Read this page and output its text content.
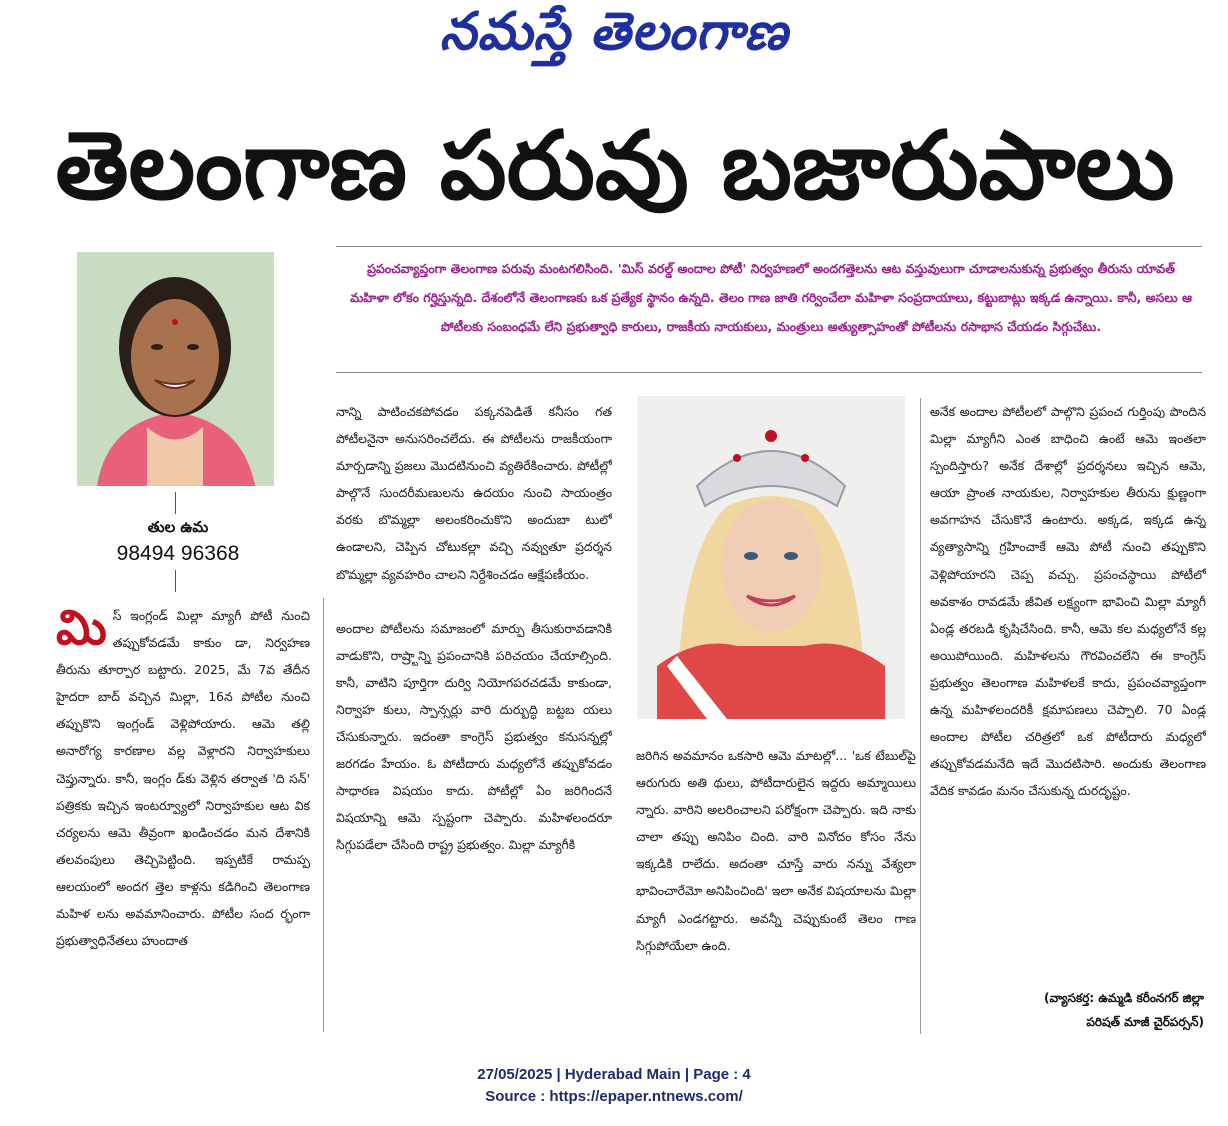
నమస్తే తెలంగాణ
తెలంగాణ పరువు బజారుపాలు
ప్రపంచవ్యాప్తంగా తెలంగాణ పరువు మంటగలిసింది. 'మిస్ వరల్డ్ అందాల పోటీ' నిర్వహణలో అందగత్తెలను ఆట వస్తువులుగా చూడాలనుకున్న ప్రభుత్వం తీరును యావత్ మహిళా లోకం గర్హిస్తున్నది. దేశంలోనే తెలంగాణకు ఒక ప్రత్యేక స్థానం ఉన్నది. తెలం గాణ జాతి గర్వించేలా మహిళా సంప్రదాయాలు, కట్టుబాట్లు ఇక్కడ ఉన్నాయి. కానీ, అసలు ఆ పోటీలకు సంబంధమే లేని ప్రభుత్వాధి కారులు, రాజకీయ నాయకులు, మంత్రులు అత్యుత్సాహంతో పోటీలను రసాభాస చేయడం సిగ్గుచేటు.
తుల ఉమ
98494 96368
మిస్ ఇంగ్లండ్ మిల్లా మ్యాగీ పోటీ నుంచి తప్పుకోవడమే కాకుం డా, నిర్వహణ తీరును తూర్పార బట్టారు. 2025, మే 7వ తేదీన హైదరా బాద్ వచ్చిన మిల్లా, 16న పోటీల నుంచి తప్పుకొని ఇంగ్లండ్ వెళ్లిపోయారు. ఆమె తల్లి అనారోగ్య కారణాల వల్ల వెళ్లారని నిర్వాహకులు చెప్తున్నారు. కానీ, ఇంగ్లం డ్‌కు వెళ్లిన తర్వాత 'ది సన్' పత్రికకు ఇచ్చిన ఇంటర్వ్యూలో నిర్వాహకుల ఆట విక చర్యలను ఆమె తీవ్రంగా ఖండించడం మన దేశానికి తలవంపులు తెచ్చిపెట్టింది. ఇప్పటికే రామప్ప ఆలయంలో అందగ త్తెల కాళ్లను కడిగించి తెలంగాణ మహిళ లను అవమానించారు. పోటీల సంద ర్భంగా ప్రభుత్వాధినేతలు హుందాత

నాన్ని పాటించకపోవడం పక్కనపెడితే కనీసం గత పోటీలనైనా అనుసరించలేదు. ఈ పోటీలను రాజకీయంగా మార్చడాన్ని ప్రజలు మొదటినుంచి వ్యతిరేకించారు. పోటీల్లో పాల్గొనే సుందరీమణులను ఉదయం నుంచి సాయంత్రం వరకు బొమ్మల్లా అలంకరించుకొని అందుబా టులో ఉండాలని, చెప్పిన చోటుకల్లా వచ్చి నవ్వుతూ ప్రదర్శన బొమ్మల్లా వ్యవహరిం చాలని నిర్దేశించడం ఆక్షేపణీయం.

అందాల పోటీలను సమాజంలో మార్పు తీసుకురావడానికి వాడుకొని, రాష్ర్టాన్ని ప్రపంచానికి పరిచయం చేయాల్సింది. కానీ, వాటిని పూర్తిగా దుర్వి నియోగపరచడమే కాకుండా, నిర్వాహ కులు, స్పాన్సర్లు వారి దుర్బుద్ధి బట్టబ యలు చేసుకున్నారు. ఇదంతా కాంగ్రెస్ ప్రభుత్వం కనుసన్నల్లో జరగడం హేయం. ఓ పోటీదారు మధ్యలోనే తప్పుకోవడం సాధారణ విషయం కాదు. పోటీల్లో ఏం జరిగిందనే విషయాన్ని ఆమె స్పష్టంగా చెప్పారు. మహిళలందరూ సిగ్గుపడేలా చేసింది రాష్ట్ర ప్రభుత్వం. మిల్లా మ్యాగీకి

జరిగిన అవమానం ఒకసారి ఆమె మాటల్లో... 'ఒక టేబుల్‌పై ఆరుగురు అతి థులు, పోటీదారులైన ఇద్దరు అమ్మాయిలు న్నారు. వారిని అలరించాలని పరోక్షంగా చెప్పారు. ఇది నాకు చాలా తప్పు అనిపిం చింది. వారి వినోదం కోసం నేను ఇక్కడికి రాలేదు. అదంతా చూస్తే వారు నన్ను వేశ్యలా భావించారేమో అనిపించింది' ఇలా అనేక విషయాలను మిల్లా మ్యాగీ ఎండగట్టారు. అవన్నీ చెప్పుకుంటే తెలం గాణ సిగ్గుపోయేలా ఉంది.
అనేక అందాల పోటీలలో పాల్గొని ప్రపంచ గుర్తింపు పొందిన మిల్లా మ్యాగీని ఎంత బాధించి ఉంటే ఆమె ఇంతలా స్పందిస్తారు? అనేక దేశాల్లో ప్రదర్శనలు ఇచ్చిన ఆమె, ఆయా ప్రాంత నాయకుల, నిర్వాహకుల తీరును క్షుణ్ణంగా అవగాహన చేసుకొనే ఉంటారు. అక్కడ, ఇక్కడ ఉన్న వ్యత్యాసాన్ని గ్రహించాకే ఆమె పోటీ నుంచి తప్పుకొని వెళ్లిపోయారని చెప్ప వచ్చు. ప్రపంచస్థాయి పోటీలో అవకాశం రావడమే జీవిత లక్ష్యంగా భావించి మిల్లా మ్యాగీ ఏండ్ల తరబడి కృషిచేసింది. కానీ, ఆమె కల మధ్యలోనే కల్ల అయిపోయింది. మహిళలను గౌరవించలేని ఈ కాంగ్రెస్ ప్రభుత్వం తెలంగాణ మహిళలకే కాదు, ప్రపంచవ్యాప్తంగా ఉన్న మహిళలందరికీ క్షమాపణలు చెప్పాలి. 70 ఏండ్ల అందాల పోటీల చరిత్రలో ఒక పోటీదారు మధ్యలో తప్పుకోవడమనేది ఇదే మొదటిసారి. అందుకు తెలంగాణ వేదిక కావడం మనం చేసుకున్న దురదృష్టం.
(వ్యాసకర్త: ఉమ్మడి కరీంనగర్ జిల్లా
పరిషత్ మాజీ చైర్‌పర్సన్)
27/05/2025 | Hyderabad Main | Page : 4
Source : https://epaper.ntnews.com/
